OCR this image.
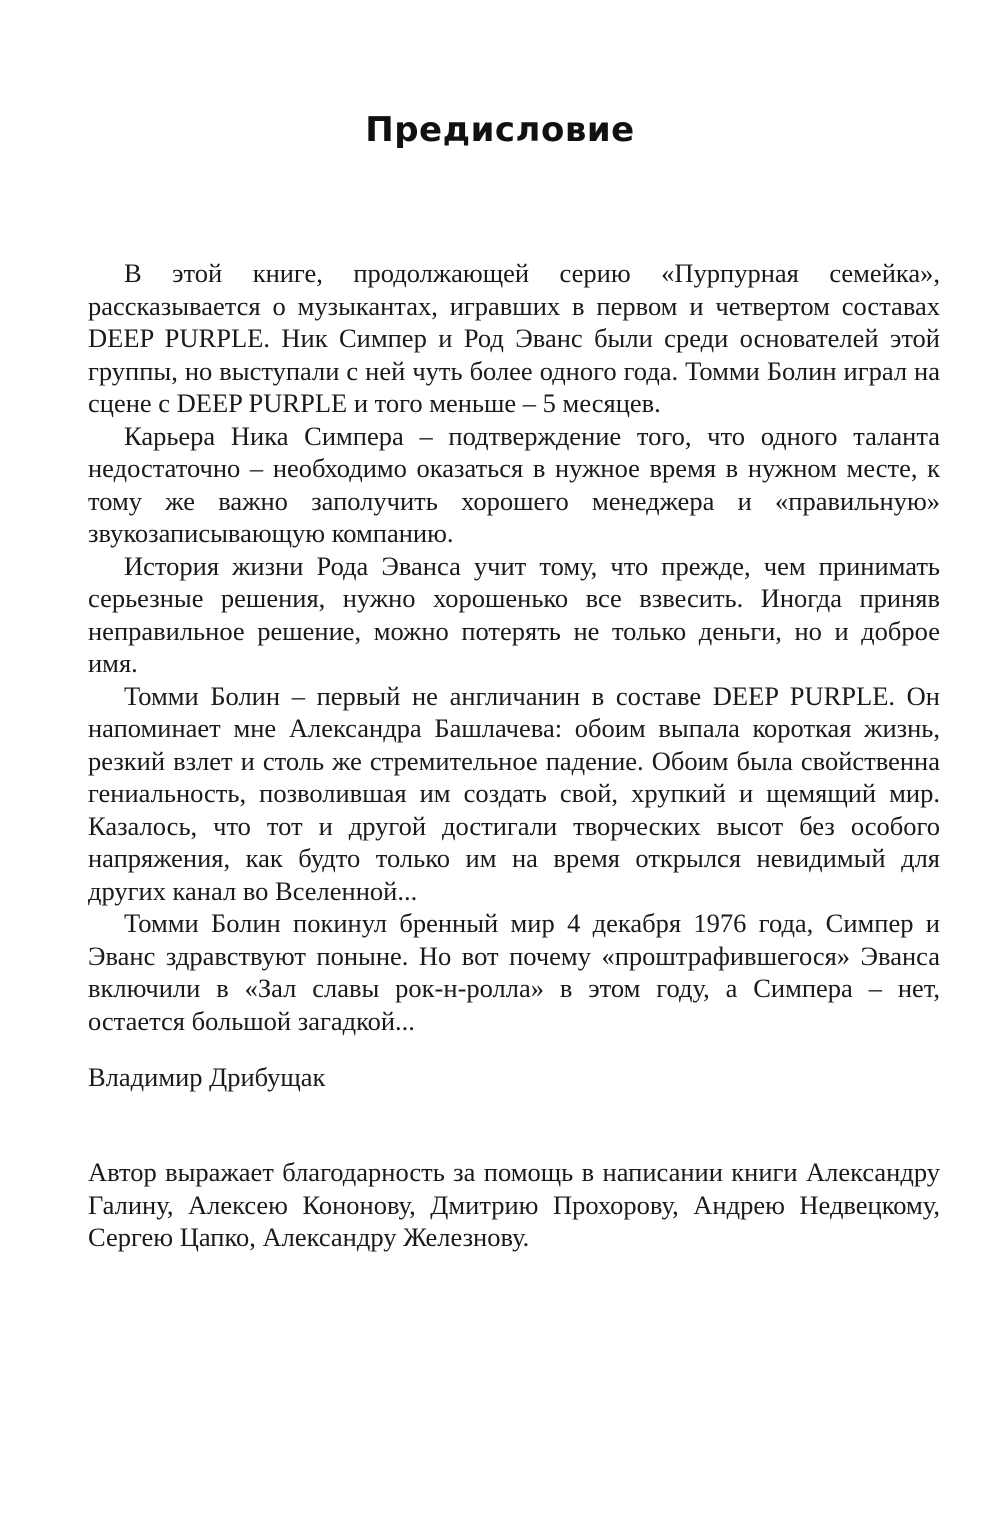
Предисловие

В этой книге, продолжающей серию «Пурпурная семейка», рассказывается о музыкантах, игравших в первом и четвертом составах DEEP PURPLE. Ник Симпер и Род Эванс были среди основателей этой группы, но выступали с ней чуть более одного года. Томми Болин играл на сцене с DEEP PURPLE и того меньше – 5 месяцев.

Карьера Ника Симпера – подтверждение того, что одного таланта недостаточно – необходимо оказаться в нужное время в нужном месте, к тому же важно заполучить хорошего менеджера и «правильную» звукозаписывающую компанию.

История жизни Рода Эванса учит тому, что прежде, чем принимать серьезные решения, нужно хорошенько все взвесить. Иногда приняв неправильное решение, можно потерять не только деньги, но и доброе имя.

Томми Болин – первый не англичанин в составе DEEP PURPLE. Он напоминает мне Александра Башлачева: обоим выпала короткая жизнь, резкий взлет и столь же стремительное падение. Обоим была свойственна гениальность, позволившая им создать свой, хрупкий и щемящий мир. Казалось, что тот и другой достигали творческих высот без особого напряжения, как будто только им на время открылся невидимый для других канал во Вселенной...

Томми Болин покинул бренный мир 4 декабря 1976 года, Симпер и Эванс здравствуют поныне. Но вот почему «проштрафившегося» Эванса включили в «Зал славы рок-н-ролла» в этом году, а Симпера – нет, остается большой загадкой...

Владимир Дрибущак

Автор выражает благодарность за помощь в написании книги Александру Галину, Алексею Кононову, Дмитрию Прохорову, Андрею Недвецкому, Сергею Цапко, Александру Железнову.
